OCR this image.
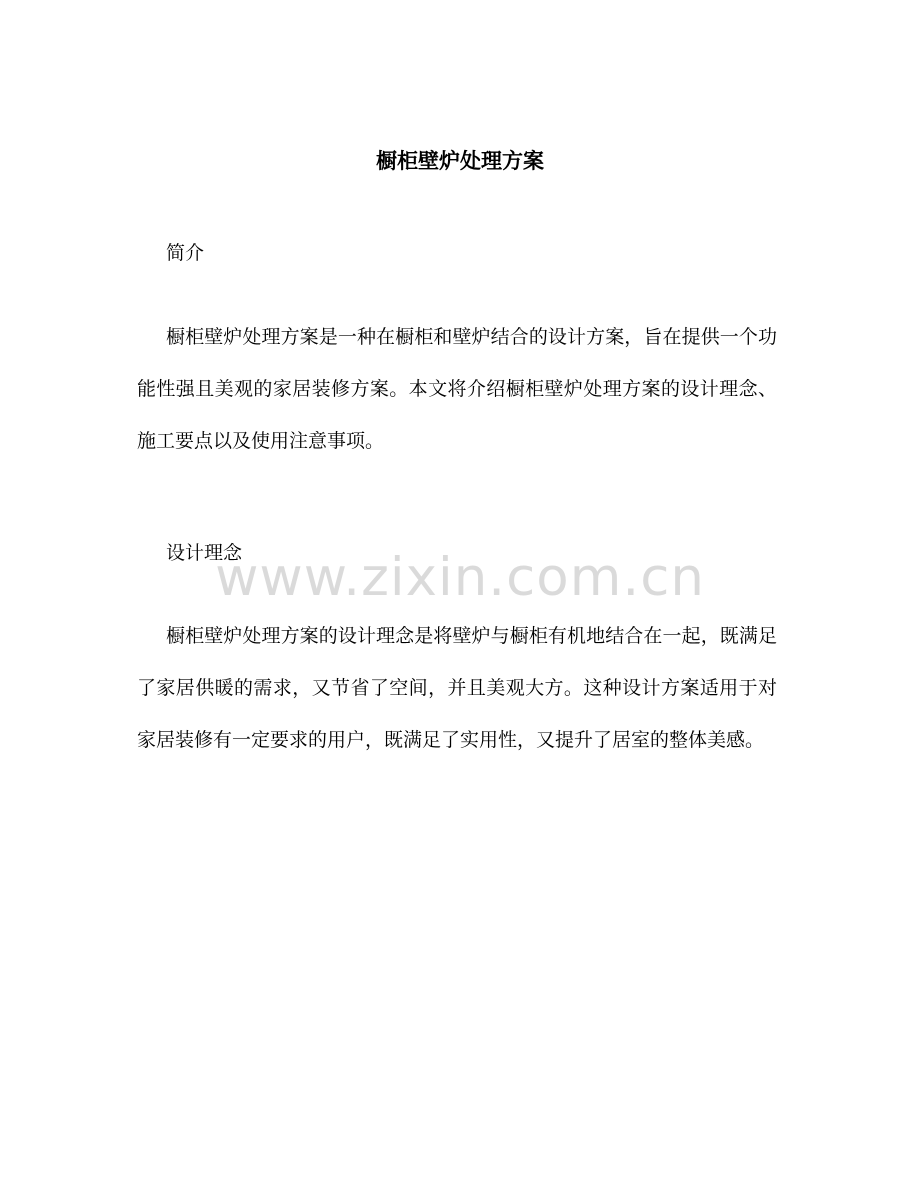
橱柜壁炉处理方案
简介

橱柜壁炉处理方案是一种在橱柜和壁炉结合的设计方案，旨在提供一个功能性强且美观的家居装修方案。本文将介绍橱柜壁炉处理方案的设计理念、施工要点以及使用注意事项。

设计理念

橱柜壁炉处理方案的设计理念是将壁炉与橱柜有机地结合在一起，既满足了家居供暖的需求，又节省了空间，并且美观大方。这种设计方案适用于对家居装修有一定要求的用户，既满足了实用性，又提升了居室的整体美感。

www.zixin.com.cn
